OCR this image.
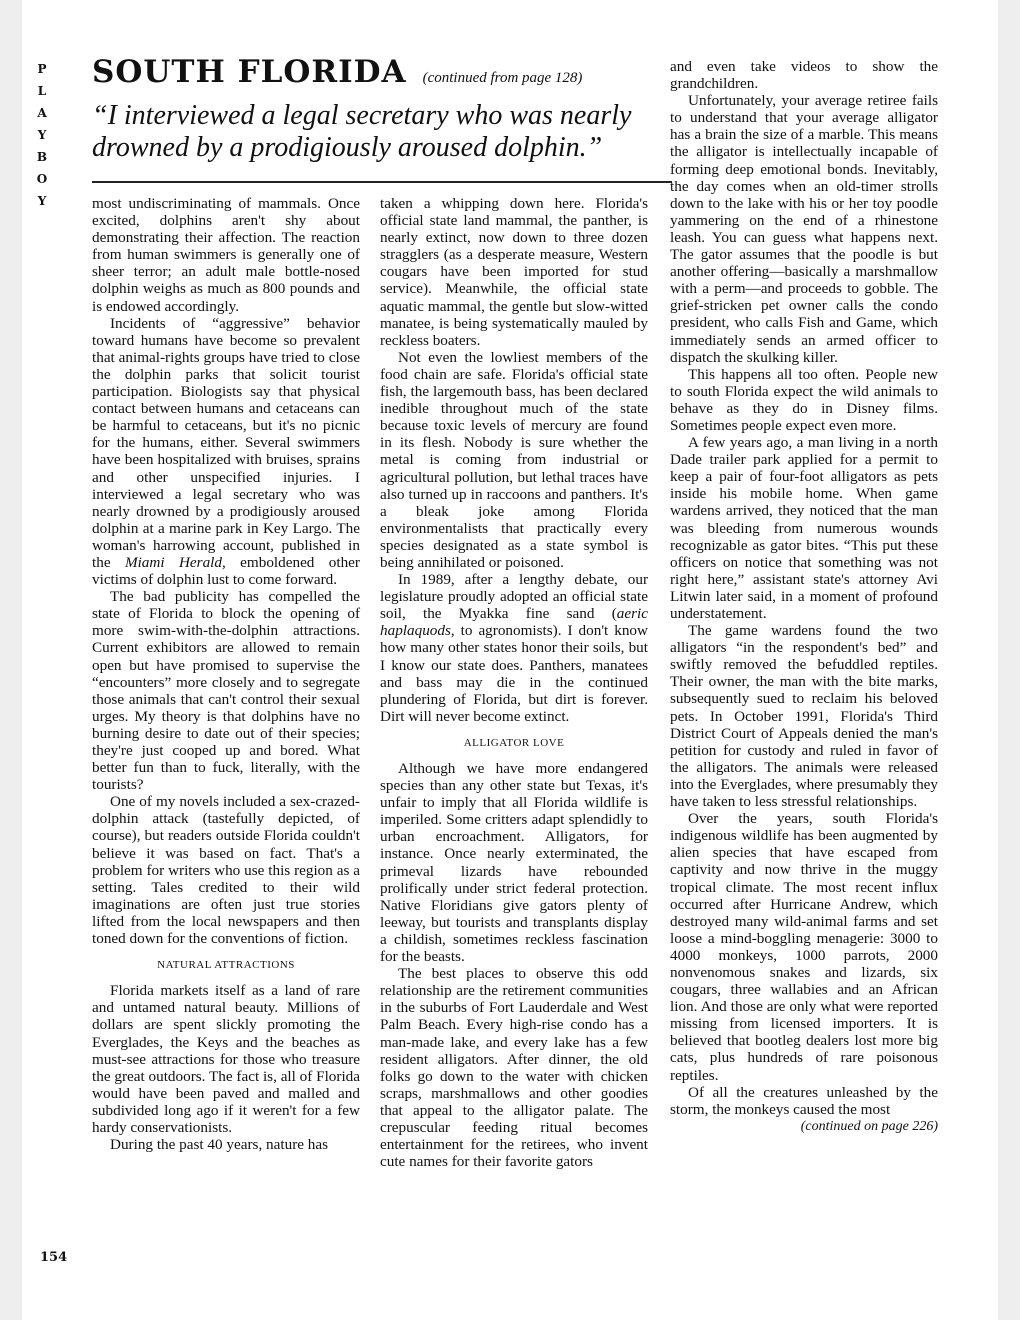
P
L
A
Y
B
O
Y
SOUTH FLORIDA (continued from page 128)
“I interviewed a legal secretary who was nearly drowned by a prodigiously aroused dolphin.”

most undiscriminating of mammals. Once excited, dolphins aren't shy about demonstrating their affection. The reaction from human swimmers is generally one of sheer terror; an adult male bottle-nosed dolphin weighs as much as 800 pounds and is endowed accordingly.

Incidents of “aggressive” behavior toward humans have become so prevalent that animal-rights groups have tried to close the dolphin parks that solicit tourist participation. Biologists say that physical contact between humans and cetaceans can be harmful to cetaceans, but it's no picnic for the humans, either. Several swimmers have been hospitalized with bruises, sprains and other unspecified injuries. I interviewed a legal secretary who was nearly drowned by a prodigiously aroused dolphin at a marine park in Key Largo. The woman's harrowing account, published in the Miami Herald, emboldened other victims of dolphin lust to come forward.

The bad publicity has compelled the state of Florida to block the opening of more swim-with-the-dolphin attractions. Current exhibitors are allowed to remain open but have promised to supervise the “encounters” more closely and to segregate those animals that can't control their sexual urges. My theory is that dolphins have no burning desire to date out of their species; they're just cooped up and bored. What better fun than to fuck, literally, with the tourists?

One of my novels included a sex-crazed-dolphin attack (tastefully depicted, of course), but readers outside Florida couldn't believe it was based on fact. That's a problem for writers who use this region as a setting. Tales credited to their wild imaginations are often just true stories lifted from the local newspapers and then toned down for the conventions of fiction.

NATURAL ATTRACTIONS

Florida markets itself as a land of rare and untamed natural beauty. Millions of dollars are spent slickly promoting the Everglades, the Keys and the beaches as must-see attractions for those who treasure the great outdoors. The fact is, all of Florida would have been paved and malled and subdivided long ago if it weren't for a few hardy conservationists.

During the past 40 years, nature has

taken a whipping down here. Florida's official state land mammal, the panther, is nearly extinct, now down to three dozen stragglers (as a desperate measure, Western cougars have been imported for stud service). Meanwhile, the official state aquatic mammal, the gentle but slow-witted manatee, is being systematically mauled by reckless boaters.

Not even the lowliest members of the food chain are safe. Florida's official state fish, the largemouth bass, has been declared inedible throughout much of the state because toxic levels of mercury are found in its flesh. Nobody is sure whether the metal is coming from industrial or agricultural pollution, but lethal traces have also turned up in raccoons and panthers. It's a bleak joke among Florida environmentalists that practically every species designated as a state symbol is being annihilated or poisoned.

In 1989, after a lengthy debate, our legislature proudly adopted an official state soil, the Myakka fine sand (aeric haplaquods, to agronomists). I don't know how many other states honor their soils, but I know our state does. Panthers, manatees and bass may die in the continued plundering of Florida, but dirt is forever. Dirt will never become extinct.

ALLIGATOR LOVE

Although we have more endangered species than any other state but Texas, it's unfair to imply that all Florida wildlife is imperiled. Some critters adapt splendidly to urban encroachment. Alligators, for instance. Once nearly exterminated, the primeval lizards have rebounded prolifically under strict federal protection. Native Floridians give gators plenty of leeway, but tourists and transplants display a childish, sometimes reckless fascination for the beasts.

The best places to observe this odd relationship are the retirement communities in the suburbs of Fort Lauderdale and West Palm Beach. Every high-rise condo has a man-made lake, and every lake has a few resident alligators. After dinner, the old folks go down to the water with chicken scraps, marshmallows and other goodies that appeal to the alligator palate. The crepuscular feeding ritual becomes entertainment for the retirees, who invent cute names for their favorite gators

and even take videos to show the grandchildren.

Unfortunately, your average retiree fails to understand that your average alligator has a brain the size of a marble. This means the alligator is intellectually incapable of forming deep emotional bonds. Inevitably, the day comes when an old-timer strolls down to the lake with his or her toy poodle yammering on the end of a rhinestone leash. You can guess what happens next. The gator assumes that the poodle is but another offering—basically a marshmallow with a perm—and proceeds to gobble. The grief-stricken pet owner calls the condo president, who calls Fish and Game, which immediately sends an armed officer to dispatch the skulking killer.

This happens all too often. People new to south Florida expect the wild animals to behave as they do in Disney films. Sometimes people expect even more.

A few years ago, a man living in a north Dade trailer park applied for a permit to keep a pair of four-foot alligators as pets inside his mobile home. When game wardens arrived, they noticed that the man was bleeding from numerous wounds recognizable as gator bites. “This put these officers on notice that something was not right here,” assistant state's attorney Avi Litwin later said, in a moment of profound understatement.

The game wardens found the two alligators “in the respondent's bed” and swiftly removed the befuddled reptiles. Their owner, the man with the bite marks, subsequently sued to reclaim his beloved pets. In October 1991, Florida's Third District Court of Appeals denied the man's petition for custody and ruled in favor of the alligators. The animals were released into the Everglades, where presumably they have taken to less stressful relationships.

Over the years, south Florida's indigenous wildlife has been augmented by alien species that have escaped from captivity and now thrive in the muggy tropical climate. The most recent influx occurred after Hurricane Andrew, which destroyed many wild-animal farms and set loose a mind-boggling menagerie: 3000 to 4000 monkeys, 1000 parrots, 2000 nonvenomous snakes and lizards, six cougars, three wallabies and an African lion. And those are only what were reported missing from licensed importers. It is believed that bootleg dealers lost more big cats, plus hundreds of rare poisonous reptiles.

Of all the creatures unleashed by the storm, the monkeys caused the most

(continued on page 226)

154
